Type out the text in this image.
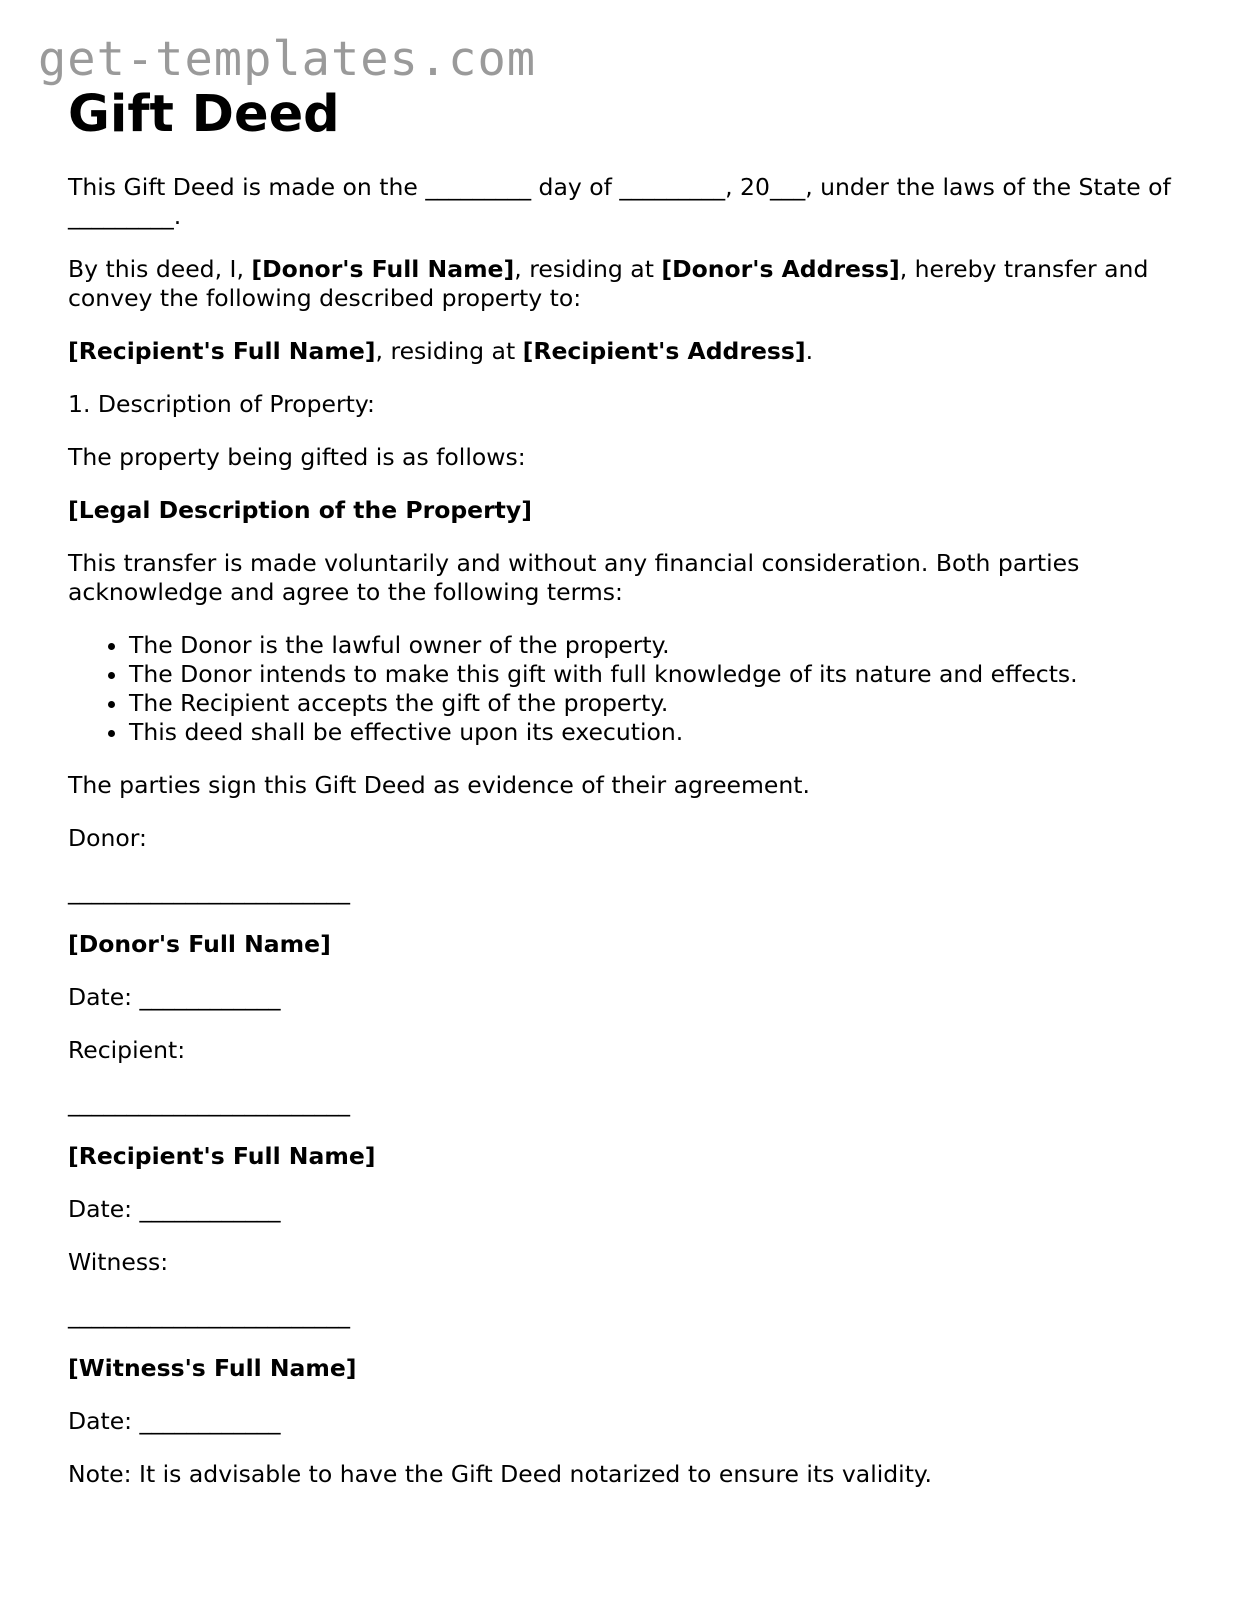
get-templates.com
Gift Deed

This Gift Deed is made on the _________ day of _________, 20___, under the laws of the State of _________.

By this deed, I, [Donor's Full Name], residing at [Donor's Address], hereby transfer and convey the following described property to:

[Recipient's Full Name], residing at [Recipient's Address].

1. Description of Property:

The property being gifted is as follows:

[Legal Description of the Property]

This transfer is made voluntarily and without any financial consideration. Both parties acknowledge and agree to the following terms:

• The Donor is the lawful owner of the property.
• The Donor intends to make this gift with full knowledge of its nature and effects.
• The Recipient accepts the gift of the property.
• This deed shall be effective upon its execution.

The parties sign this Gift Deed as evidence of their agreement.

Donor:

________________________

[Donor's Full Name]

Date: ____________

Recipient:

________________________

[Recipient's Full Name]

Date: ____________

Witness:

________________________

[Witness's Full Name]

Date: ____________

Note: It is advisable to have the Gift Deed notarized to ensure its validity.
